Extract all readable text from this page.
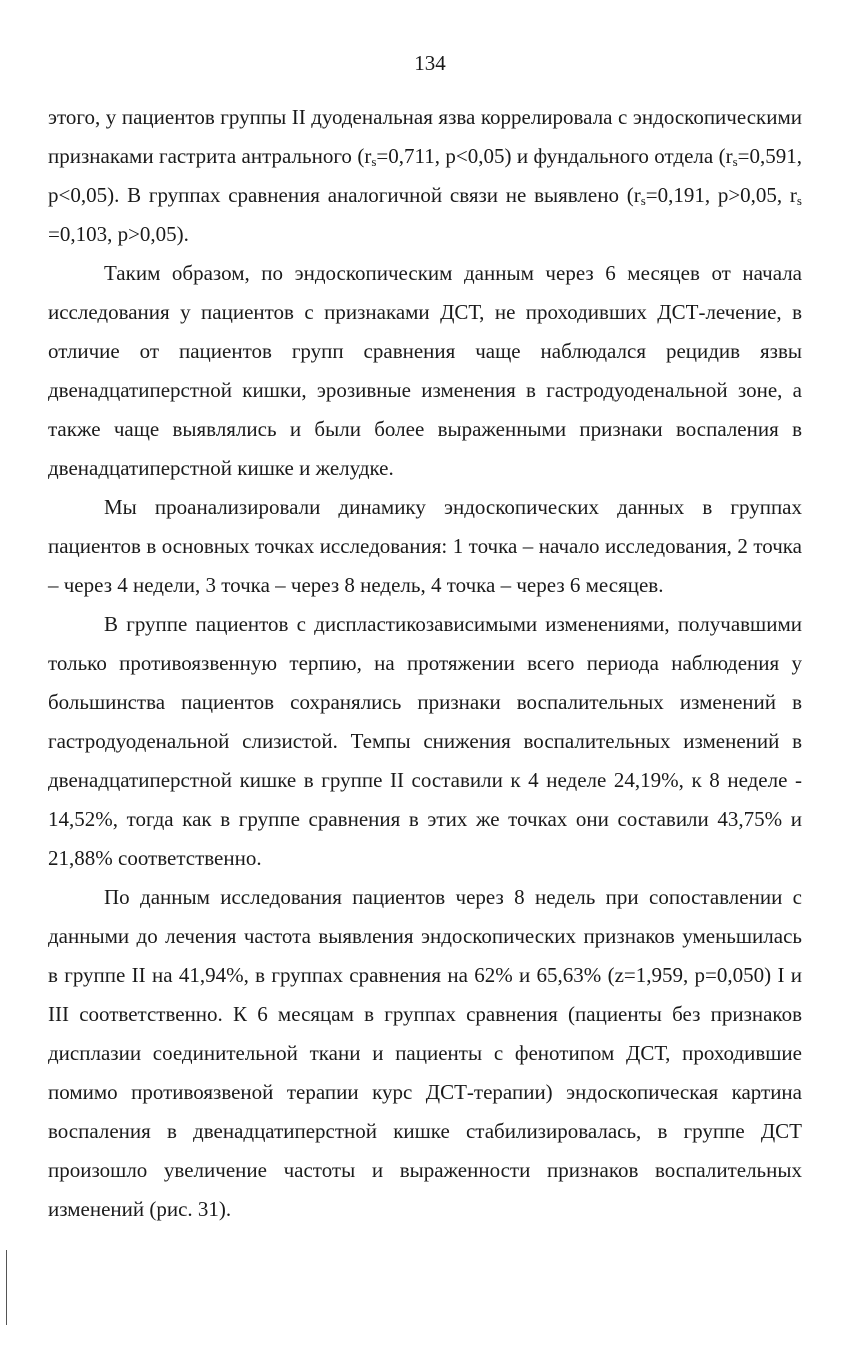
134

этого, у пациентов группы II дуоденальная язва коррелировала с эндоскопическими признаками гастрита антрального ($r_s=0,711$, p<0,05) и фундального отдела ($r_s=0,591$, p<0,05). В группах сравнения аналогичной связи не выявлено ($r_s=0,191$, p>0,05, $r_s =0,103$, p>0,05).

Таким образом, по эндоскопическим данным через 6 месяцев от начала исследования у пациентов с признаками ДСТ, не проходивших ДСТ-лечение, в отличие от пациентов групп сравнения чаще наблюдался рецидив язвы двенадцатиперстной кишки, эрозивные изменения в гастродуоденальной зоне, а также чаще выявлялись и были более выраженными признаки воспаления в двенадцатиперстной кишке и желудке.

Мы проанализировали динамику эндоскопических данных в группах пациентов в основных точках исследования: 1 точка – начало исследования, 2 точка – через 4 недели, 3 точка – через 8 недель, 4 точка – через 6 месяцев.

В группе пациентов с диспластикозависимыми изменениями, получавшими только противоязвенную терпию, на протяжении всего периода наблюдения у большинства пациентов сохранялись признаки воспалительных изменений в гастродуоденальной слизистой. Темпы снижения воспалительных изменений в двенадцатиперстной кишке в группе II составили к 4 неделе 24,19%, к 8 неделе - 14,52%, тогда как в группе сравнения в этих же точках они составили 43,75% и 21,88% соответственно.

По данным исследования пациентов через 8 недель при сопоставлении с данными до лечения частота выявления эндоскопических признаков уменьшилась в группе II на 41,94%, в группах сравнения на 62% и 65,63% (z=1,959, p=0,050) I и III соответственно. К 6 месяцам в группах сравнения (пациенты без признаков дисплазии соединительной ткани и пациенты с фенотипом ДСТ, проходившие помимо противоязвеной терапии курс ДСТ-терапии) эндоскопическая картина воспаления в двенадцатиперстной кишке стабилизировалась, в группе ДСТ произошло увеличение частоты и выраженности признаков воспалительных изменений (рис. 31).
